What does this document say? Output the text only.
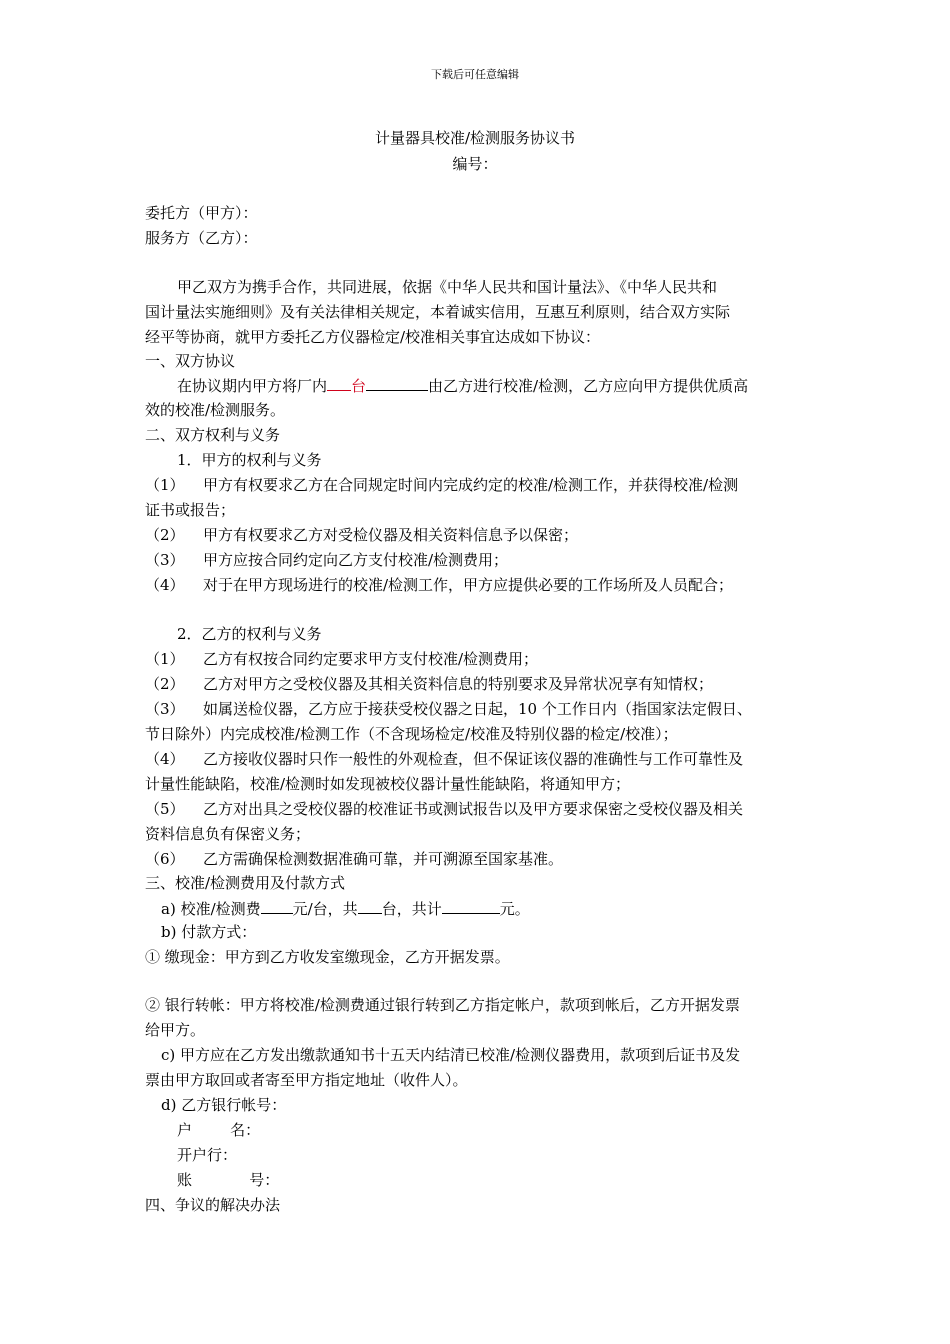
下载后可任意编辑
计量器具校准/检测服务协议书
编号：
委托方（甲方）：
服务方（乙方）：
甲乙双方为携手合作，共同进展，依据《中华人民共和国计量法》、《中华人民共和
国计量法实施细则》及有关法律相关规定，本着诚实信用，互惠互利原则，结合双方实际
经平等协商，就甲方委托乙方仪器检定/校准相关事宜达成如下协议：
一、双方协议
在协议期内甲方将厂内 台	由乙方进行校准/检测，乙方应向甲方提供优质高
效的校准/检测服务。
二、双方权利与义务
1．甲方的权利与义务
（1） 甲方有权要求乙方在合同规定时间内完成约定的校准/检测工作，并获得校准/检测
证书或报告；
（2） 甲方有权要求乙方对受检仪器及相关资料信息予以保密；
（3） 甲方应按合同约定向乙方支付校准/检测费用；
（4） 对于在甲方现场进行的校准/检测工作，甲方应提供必要的工作场所及人员配合；
2．乙方的权利与义务
（1） 乙方有权按合同约定要求甲方支付校准/检测费用；
（2） 乙方对甲方之受校仪器及其相关资料信息的特别要求及异常状况享有知情权；
（3） 如属送检仪器，乙方应于接获受校仪器之日起，10 个工作日内（指国家法定假日、
节日除外）内完成校准/检测工作（不含现场检定/校准及特别仪器的检定/校准）；
（4） 乙方接收仪器时只作一般性的外观检查，但不保证该仪器的准确性与工作可靠性及
计量性能缺陷，校准/检测时如发现被校仪器计量性能缺陷，将通知甲方；
（5） 乙方对出具之受校仪器的校准证书或测试报告以及甲方要求保密之受校仪器及相关
资料信息负有保密义务；
（6） 乙方需确保检测数据准确可靠，并可溯源至国家基准。
三、校准/检测费用及付款方式
a) 校准/检测费 元/台，共 台，共计	元。
b) 付款方式：
① 缴现金：甲方到乙方收发室缴现金，乙方开据发票。
② 银行转帐：甲方将校准/检测费通过银行转到乙方指定帐户，款项到帐后，乙方开据发票
给甲方。
c) 甲方应在乙方发出缴款通知书十五天内结清已校准/检测仪器费用，款项到后证书及发
票由甲方取回或者寄至甲方指定地址（收件人）。
d) 乙方银行帐号：
户        名：
开户行：
账            号：
四、争议的解决办法
